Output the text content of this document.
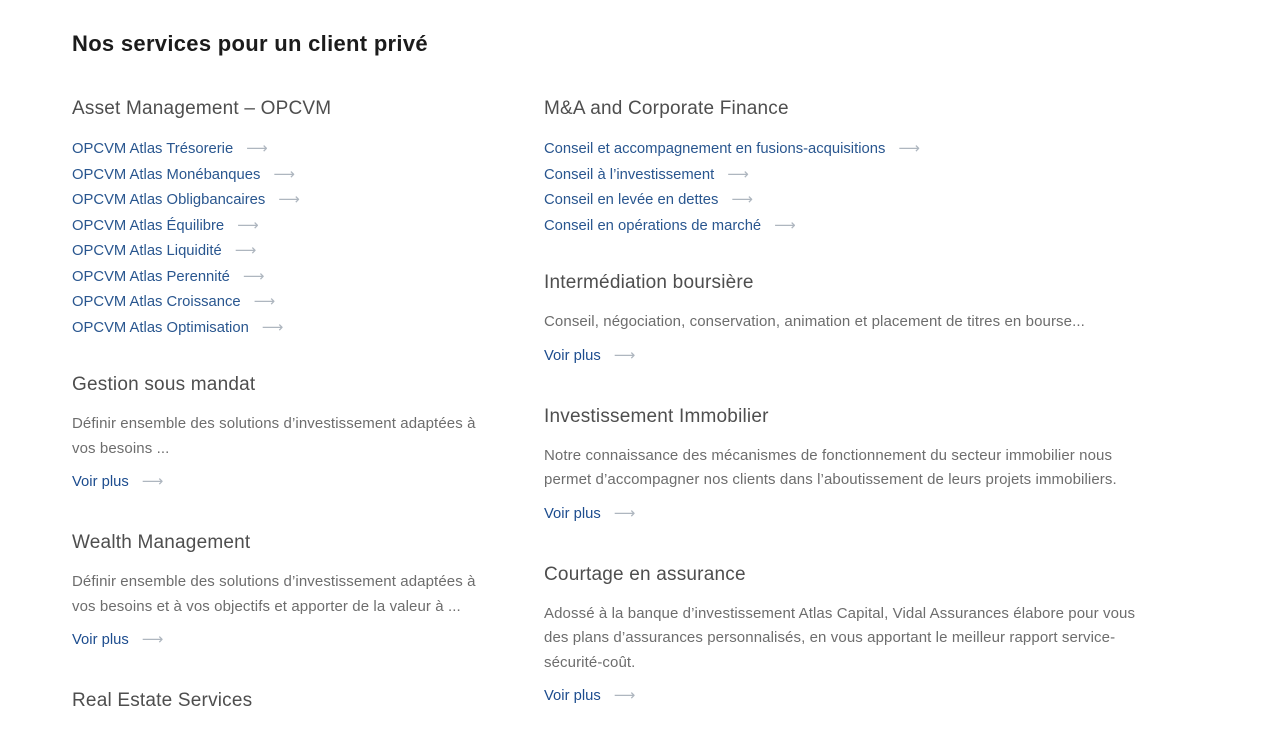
Nos services pour un client privé
Asset Management – OPCVM
OPCVM Atlas Trésorerie ⟶
OPCVM Atlas Monébanques ⟶
OPCVM Atlas Obligbancaires ⟶
OPCVM Atlas Équilibre ⟶
OPCVM Atlas Liquidité ⟶
OPCVM Atlas Perennité ⟶
OPCVM Atlas Croissance ⟶
OPCVM Atlas Optimisation ⟶
Gestion sous mandat

Définir ensemble des solutions d’investissement adaptées à vos besoins ...

Voir plus ⟶
Wealth Management

Définir ensemble des solutions d’investissement adaptées à vos besoins et à vos objectifs et apporter de la valeur à ...

Voir plus ⟶
Real Estate Services
M&A and Corporate Finance
Conseil et accompagnement en fusions-acquisitions ⟶
Conseil à l’investissement ⟶
Conseil en levée en dettes ⟶
Conseil en opérations de marché ⟶
Intermédiation boursière

Conseil, négociation, conservation, animation et placement de titres en bourse...

Voir plus ⟶
Investissement Immobilier

Notre connaissance des mécanismes de fonctionnement du secteur immobilier nous permet d’accompagner nos clients dans l’aboutissement de leurs projets immobiliers.

Voir plus ⟶
Courtage en assurance

Adossé à la banque d’investissement Atlas Capital, Vidal Assurances élabore pour vous des plans d’assurances personnalisés, en vous apportant le meilleur rapport service-sécurité-coût.

Voir plus ⟶
